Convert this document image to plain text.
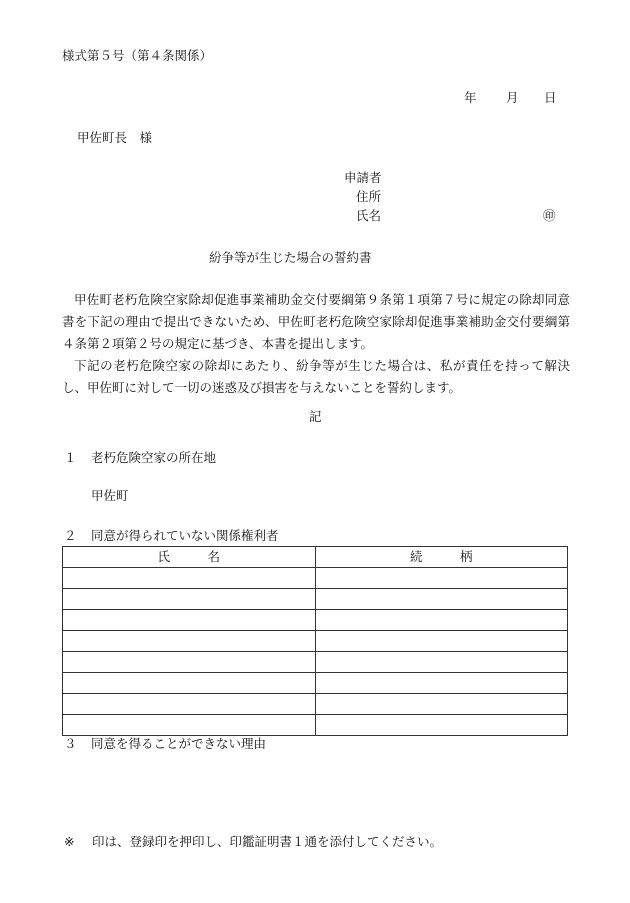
様式第５号（第４条関係）
年 月 日
甲佐町長　様
申請者
住所
氏名	㊞
紛争等が生じた場合の誓約書
甲佐町老朽危険空家除却促進事業補助金交付要綱第９条第１項第７号に規定の除却同意書を下記の理由で提出できないため、甲佐町老朽危険空家除却促進事業補助金交付要綱第４条第２項第２号の規定に基づき、本書を提出します。
下記の老朽危険空家の除却にあたり、紛争等が生じた場合は、私が責任を持って解決し、甲佐町に対して一切の迷惑及び損害を与えないことを誓約します。
記
１ 老朽危険空家の所在地
甲佐町
２ 同意が得られていない関係権利者
氏　　　名	続　　　柄

３ 同意を得ることができない理由
※ 印は、登録印を押印し、印鑑証明書１通を添付してください。
